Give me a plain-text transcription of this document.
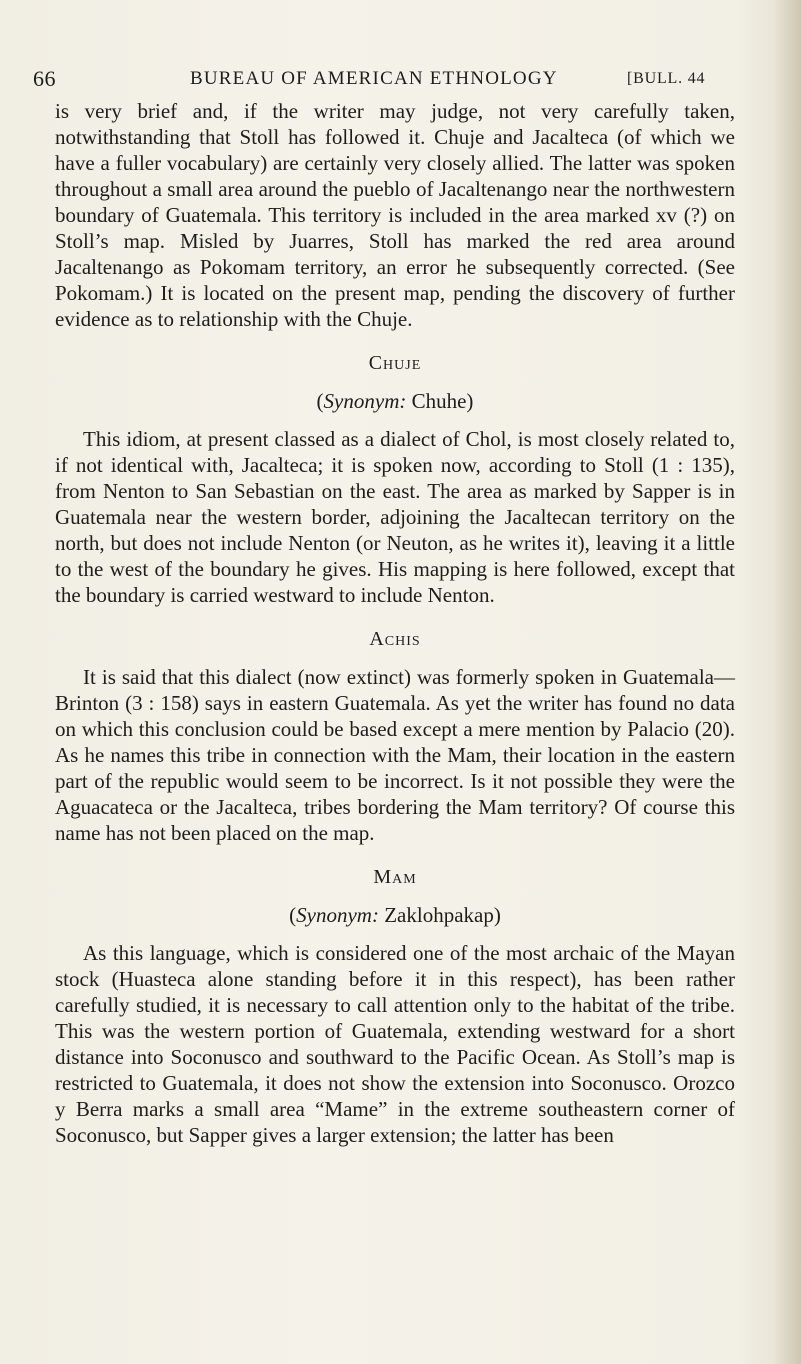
66	BUREAU OF AMERICAN ETHNOLOGY	[BULL. 44

is very brief and, if the writer may judge, not very carefully taken, notwithstanding that Stoll has followed it. Chuje and Jacalteca (of which we have a fuller vocabulary) are certainly very closely allied. The latter was spoken throughout a small area around the pueblo of Jacaltenango near the northwestern boundary of Guatemala. This territory is included in the area marked xv (?) on Stoll’s map. Misled by Juarres, Stoll has marked the red area around Jacaltenango as Pokomam territory, an error he subsequently corrected. (See Pokomam.) It is located on the present map, pending the discovery of further evidence as to relationship with the Chuje.

Chuje
(Synonym: Chuhe)

This idiom, at present classed as a dialect of Chol, is most closely related to, if not identical with, Jacalteca; it is spoken now, according to Stoll (1 : 135), from Nenton to San Sebastian on the east. The area as marked by Sapper is in Guatemala near the western border, adjoining the Jacaltecan territory on the north, but does not include Nenton (or Neuton, as he writes it), leaving it a little to the west of the boundary he gives. His mapping is here followed, except that the boundary is carried westward to include Nenton.

Achis

It is said that this dialect (now extinct) was formerly spoken in Guatemala—Brinton (3 : 158) says in eastern Guatemala. As yet the writer has found no data on which this conclusion could be based except a mere mention by Palacio (20). As he names this tribe in connection with the Mam, their location in the eastern part of the republic would seem to be incorrect. Is it not possible they were the Aguacateca or the Jacalteca, tribes bordering the Mam territory? Of course this name has not been placed on the map.

Mam
(Synonym: Zaklohpakap)

As this language, which is considered one of the most archaic of the Mayan stock (Huasteca alone standing before it in this respect), has been rather carefully studied, it is necessary to call attention only to the habitat of the tribe. This was the western portion of Guatemala, extending westward for a short distance into Soconusco and southward to the Pacific Ocean. As Stoll’s map is restricted to Guatemala, it does not show the extension into Soconusco. Orozco y Berra marks a small area “Mame” in the extreme southeastern corner of Soconusco, but Sapper gives a larger extension; the latter has been
